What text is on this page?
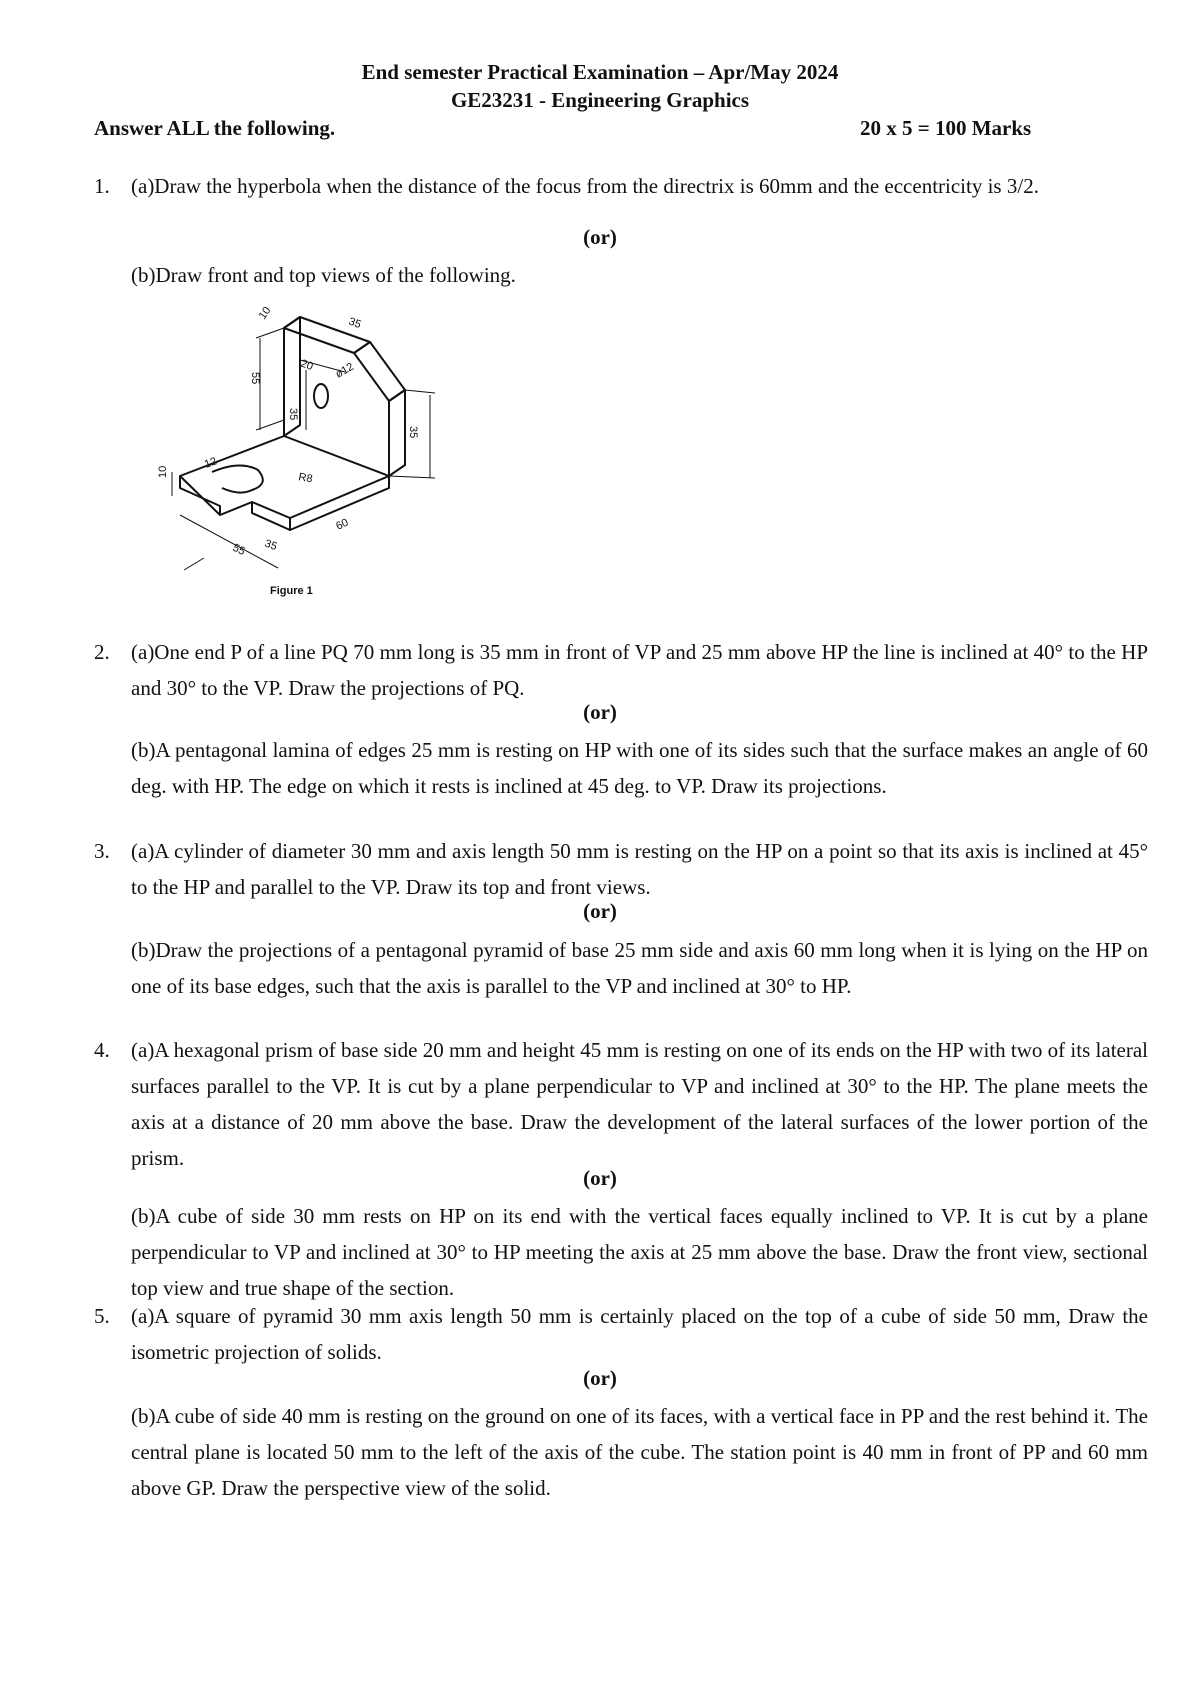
End semester Practical Examination – Apr/May 2024
GE23231 - Engineering Graphics
Answer ALL the following.	20 x 5 = 100 Marks
1. (a)Draw the hyperbola when the distance of the focus from the directrix is 60mm and the eccentricity is 3/2.
(or)
(b)Draw front and top views of the following.
10
35
55
20 ø12
35
35
10
12
R8
60
35
55
Figure 1
2. (a)One end P of a line PQ 70 mm long is 35 mm in front of VP and 25 mm above HP the line is inclined at 40° to the HP and 30° to the VP. Draw the projections of PQ.
(or)
(b)A pentagonal lamina of edges 25 mm is resting on HP with one of its sides such that the surface makes an angle of 60 deg. with HP. The edge on which it rests is inclined at 45 deg. to VP. Draw its projections.
3. (a)A cylinder of diameter 30 mm and axis length 50 mm is resting on the HP on a point so that its axis is inclined at 45° to the HP and parallel to the VP. Draw its top and front views.
(or)
(b)Draw the projections of a pentagonal pyramid of base 25 mm side and axis 60 mm long when it is lying on the HP on one of its base edges, such that the axis is parallel to the VP and inclined at 30° to HP.
4. (a)A hexagonal prism of base side 20 mm and height 45 mm is resting on one of its ends on the HP with two of its lateral surfaces parallel to the VP. It is cut by a plane perpendicular to VP and inclined at 30° to the HP. The plane meets the axis at a distance of 20 mm above the base. Draw the development of the lateral surfaces of the lower portion of the prism.
(or)
(b)A cube of side 30 mm rests on HP on its end with the vertical faces equally inclined to VP. It is cut by a plane perpendicular to VP and inclined at 30° to HP meeting the axis at 25 mm above the base. Draw the front view, sectional top view and true shape of the section.
5. (a)A square of pyramid 30 mm axis length 50 mm is certainly placed on the top of a cube of side 50 mm, Draw the isometric projection of solids.
(or)
(b)A cube of side 40 mm is resting on the ground on one of its faces, with a vertical face in PP and the rest behind it. The central plane is located 50 mm to the left of the axis of the cube. The station point is 40 mm in front of PP and 60 mm above GP. Draw the perspective view of the solid.
